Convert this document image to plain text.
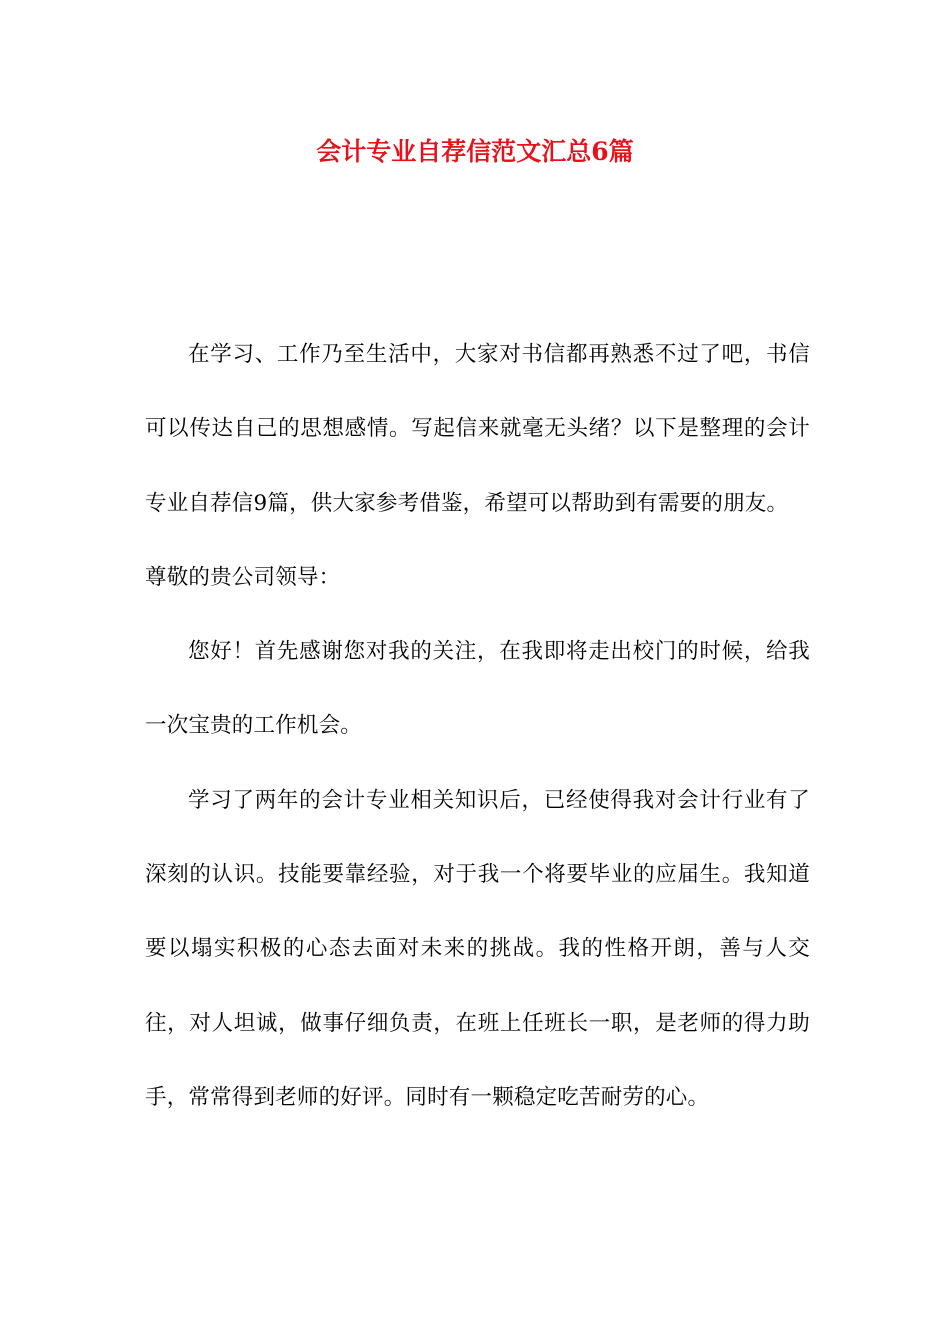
会计专业自荐信范文汇总6篇

在学习、工作乃至生活中，大家对书信都再熟悉不过了吧，书信可以传达自己的思想感情。写起信来就毫无头绪？以下是整理的会计专业自荐信9篇，供大家参考借鉴，希望可以帮助到有需要的朋友。

尊敬的贵公司领导：

您好！首先感谢您对我的关注，在我即将走出校门的时候，给我一次宝贵的工作机会。

学习了两年的会计专业相关知识后，已经使得我对会计行业有了深刻的认识。技能要靠经验，对于我一个将要毕业的应届生。我知道要以塌实积极的心态去面对未来的挑战。我的性格开朗，善与人交往，对人坦诚，做事仔细负责，在班上任班长一职，是老师的得力助手，常常得到老师的好评。同时有一颗稳定吃苦耐劳的心。
